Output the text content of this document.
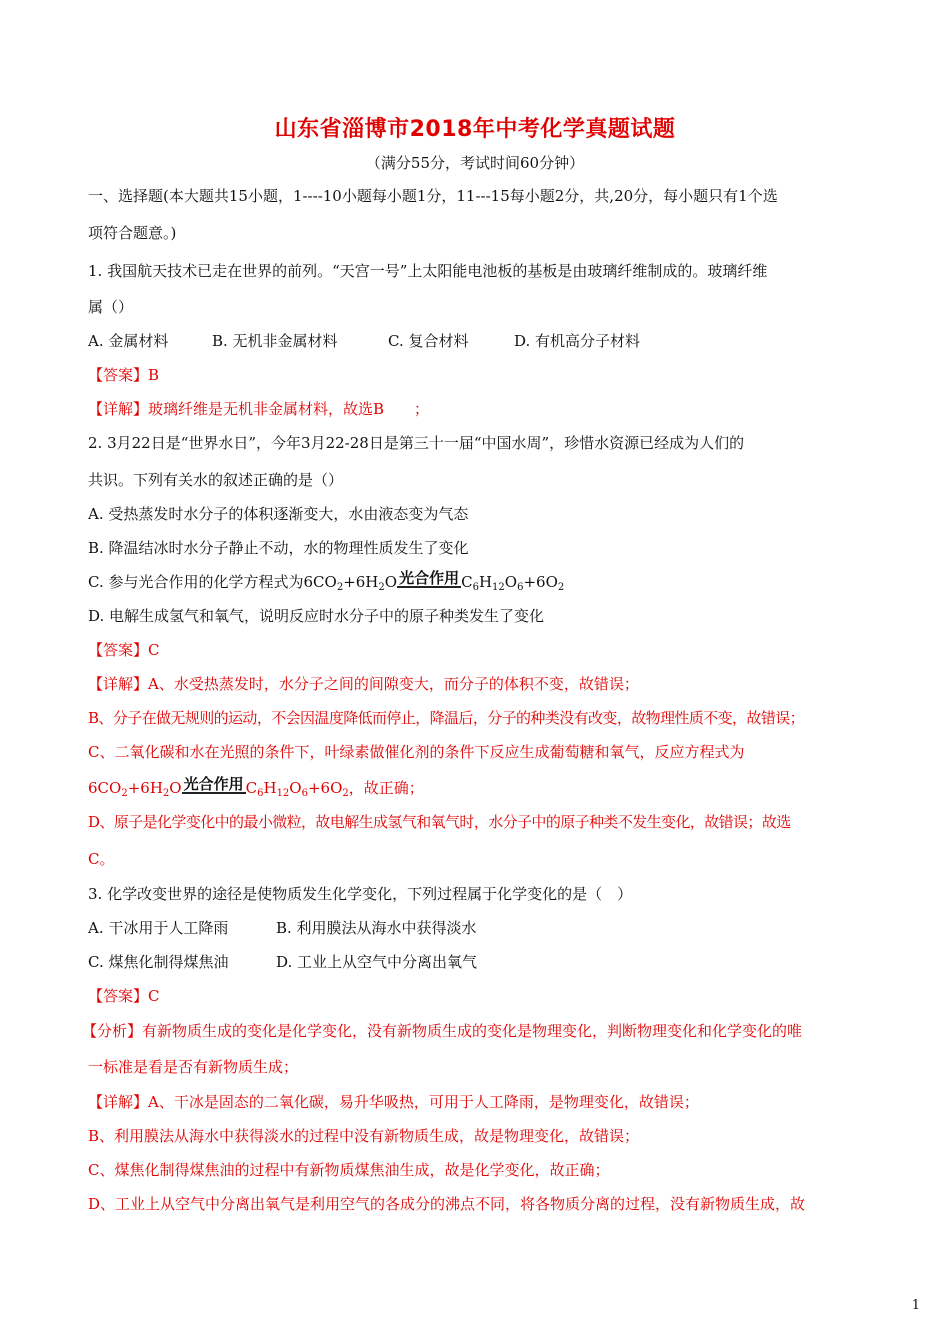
山东省淄博市2018年中考化学真题试题
（满分55分，考试时间60分钟）
一、选择题(本大题共15小题，1----10小题每小题1分，11---15每小题2分，共,20分，每小题只有1个选
项符合题意。)
1. 我国航天技术已走在世界的前列。“天宫一号”上太阳能电池板的基板是由玻璃纤维制成的。玻璃纤维
属（）
A. 金属材料	B. 无机非金属材料	C. 复合材料	D. 有机高分子材料
【答案】B
【详解】玻璃纤维是无机非金属材料，故选B　　；
2. 3月22日是“世界水日”，今年3月22-28日是第三十一届“中国水周”，珍惜水资源已经成为人们的
共识。下列有关水的叙述正确的是（）
A. 受热蒸发时水分子的体积逐渐变大，水由液态变为气态
B. 降温结冰时水分子静止不动，水的物理性质发生了变化
C. 参与光合作用的化学方程式为$6CO_2+6H_2O$ 光合作用 $C_6H_{12}O_6+6O_2$
D. 电解生成氢气和氧气，说明反应时水分子中的原子种类发生了变化
【答案】C
【详解】A、水受热蒸发时，水分子之间的间隙变大，而分子的体积不变，故错误；
B、分子在做无规则的运动，不会因温度降低而停止，降温后，分子的种类没有改变，故物理性质不变，故错误；
C、二氧化碳和水在光照的条件下，叶绿素做催化剂的条件下反应生成葡萄糖和氧气，反应方程式为
$6CO_2+6H_2O$ 光合作用 $C_6H_{12}O_6+6O_2$，故正确；
D、原子是化学变化中的最小微粒，故电解生成氢气和氧气时，水分子中的原子种类不发生变化，故错误；故选
C。
3. 化学改变世界的途径是使物质发生化学变化，下列过程属于化学变化的是（　）
A. 干冰用于人工降雨	B. 利用膜法从海水中获得淡水
C. 煤焦化制得煤焦油	D. 工业上从空气中分离出氧气
【答案】C
【分析】有新物质生成的变化是化学变化，没有新物质生成的变化是物理变化，判断物理变化和化学变化的唯
一标准是看是否有新物质生成；
【详解】A、干冰是固态的二氧化碳，易升华吸热，可用于人工降雨，是物理变化，故错误；
B、利用膜法从海水中获得淡水的过程中没有新物质生成，故是物理变化，故错误；
C、煤焦化制得煤焦油的过程中有新物质煤焦油生成，故是化学变化，故正确；
D、工业上从空气中分离出氧气是利用空气的各成分的沸点不同，将各物质分离的过程，没有新物质生成，故
1
